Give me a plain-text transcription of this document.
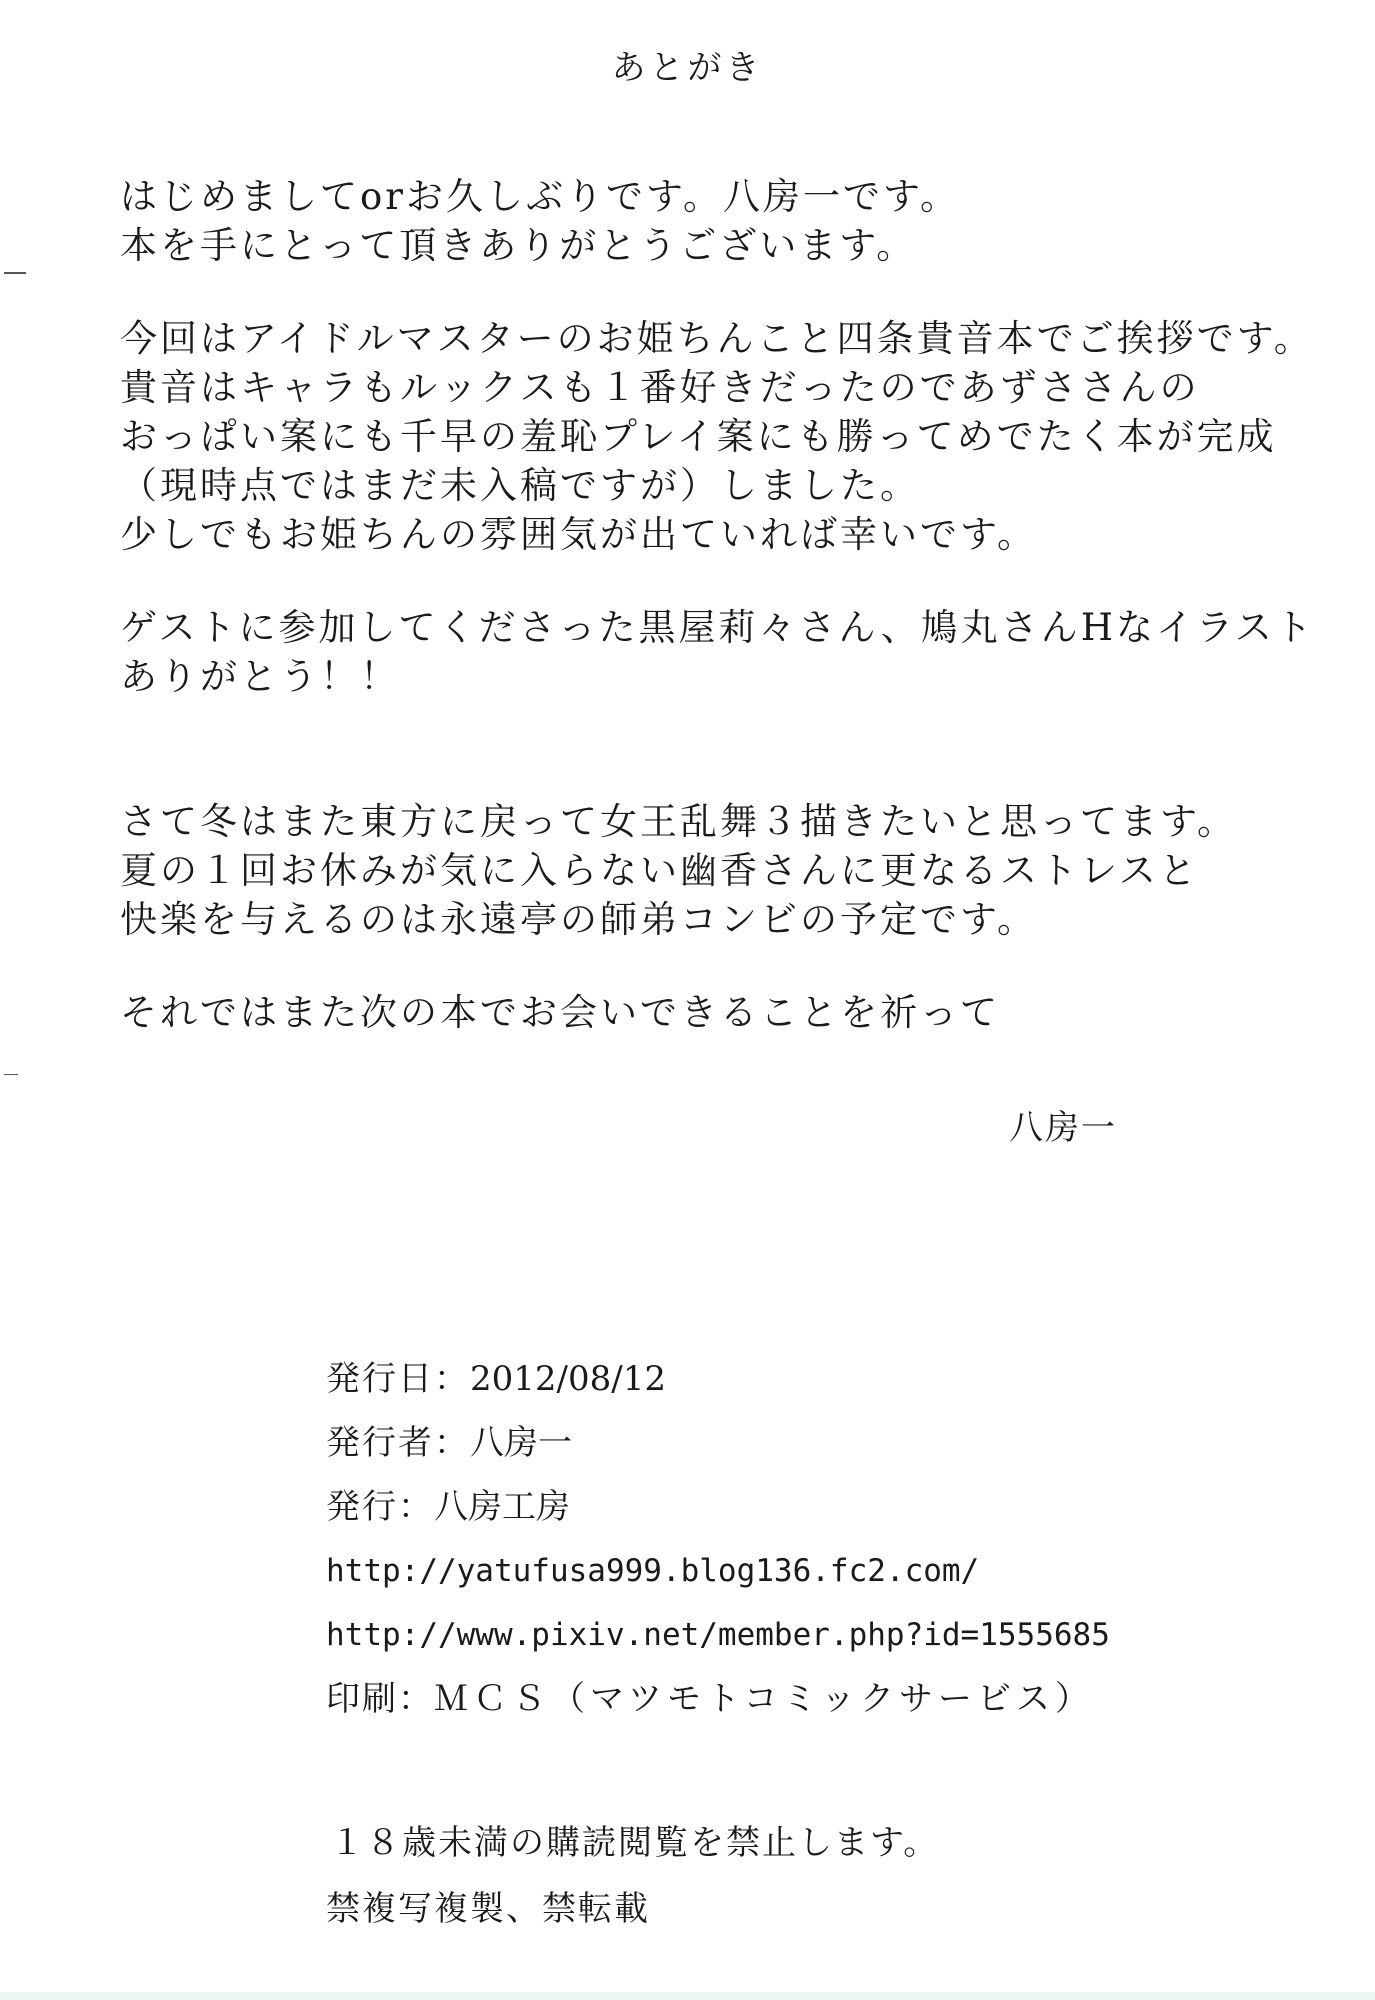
あとがき
はじめましてorお久しぶりです。八房一です。
本を手にとって頂きありがとうございます。
今回はアイドルマスターのお姫ちんこと四条貴音本でご挨拶です。
貴音はキャラもルックスも１番好きだったのであずささんの
おっぱい案にも千早の羞恥プレイ案にも勝ってめでたく本が完成
（現時点ではまだ未入稿ですが）しました。
少しでもお姫ちんの雰囲気が出ていれば幸いです。
ゲストに参加してくださった黒屋莉々さん、鳩丸さんHなイラスト
ありがとう！！
さて冬はまた東方に戻って女王乱舞３描きたいと思ってます。
夏の１回お休みが気に入らない幽香さんに更なるストレスと
快楽を与えるのは永遠亭の師弟コンビの予定です。
それではまた次の本でお会いできることを祈って
八房一
発行日：2012/08/12
発行者：八房一
発行：八房工房
http://yatufusa999.blog136.fc2.com/
http://www.pixiv.net/member.php?id=1555685
印刷：ＭＣＳ（マツモトコミックサービス）
１８歳未満の購読閲覧を禁止します。
禁複写複製、禁転載
